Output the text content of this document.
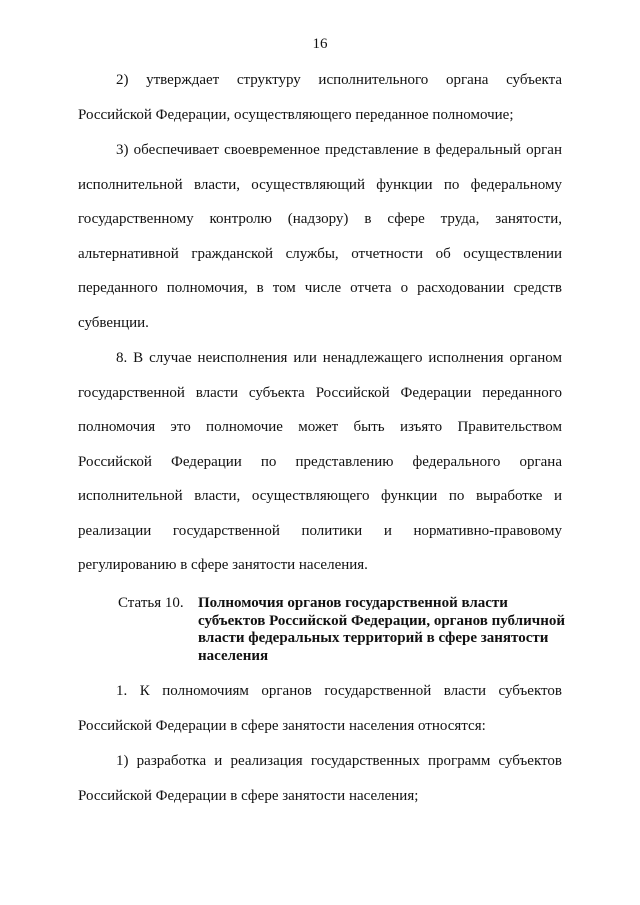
16
2) утверждает структуру исполнительного органа субъекта
Российской Федерации, осуществляющего переданное полномочие;
3) обеспечивает своевременное представление в федеральный орган
исполнительной власти, осуществляющий функции по федеральному
государственному контролю (надзору) в сфере труда, занятости,
альтернативной гражданской службы, отчетности об осуществлении
переданного полномочия, в том числе отчета о расходовании средств
субвенции.
8. В случае неисполнения или ненадлежащего исполнения органом
государственной власти субъекта Российской Федерации переданного
полномочия это полномочие может быть изъято Правительством
Российской Федерации по представлению федерального органа
исполнительной власти, осуществляющего функции по выработке и
реализации государственной политики и нормативно-правовому
регулированию в сфере занятости населения.
Статья 10. Полномочия органов государственной власти
субъектов Российской Федерации, органов публичной
власти федеральных территорий в сфере занятости
населения
1. К полномочиям органов государственной власти субъектов
Российской Федерации в сфере занятости населения относятся:
1) разработка и реализация государственных программ субъектов
Российской Федерации в сфере занятости населения;
